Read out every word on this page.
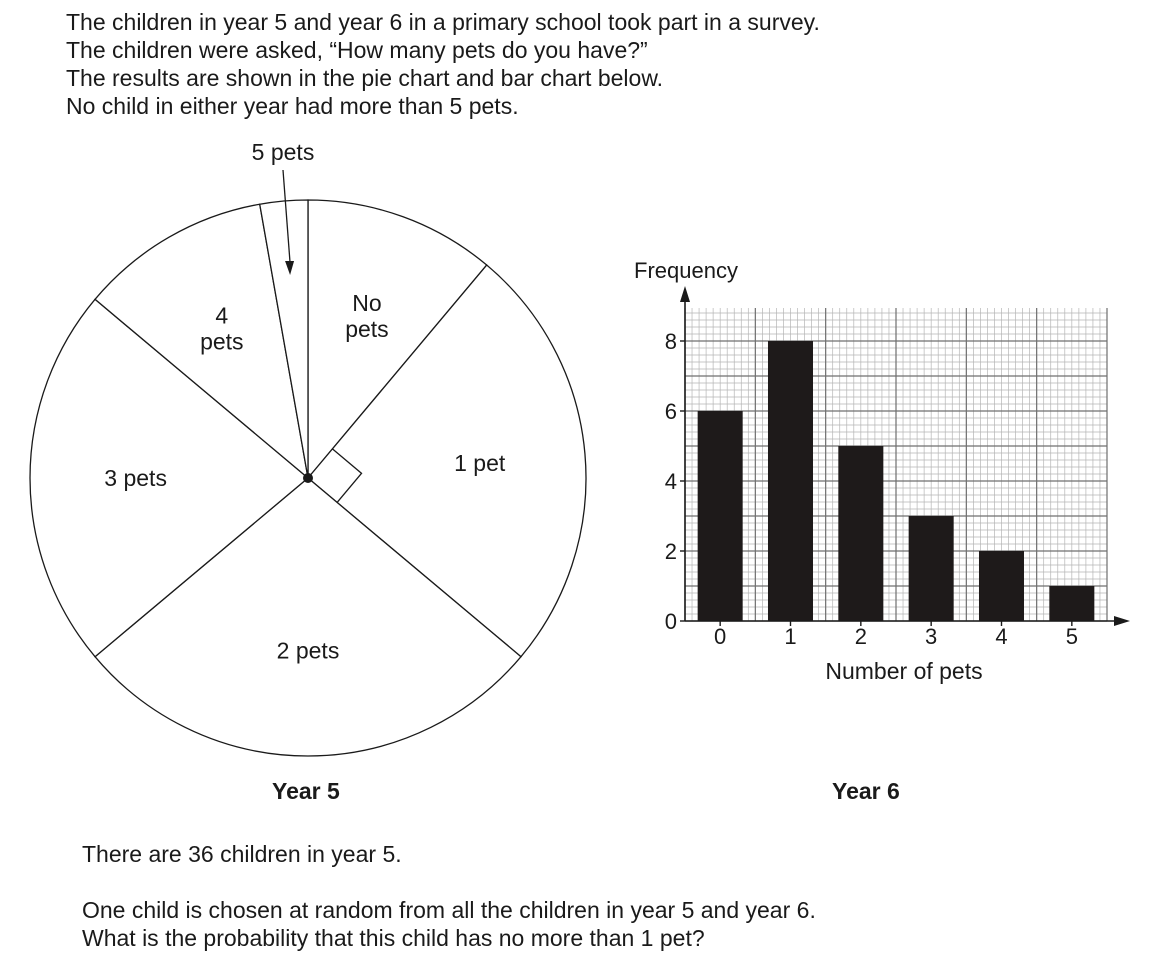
The children in year 5 and year 6 in a primary school took part in a survey.
The children were asked, “How many pets do you have?”
The results are shown in the pie chart and bar chart below.
No child in either year had more than 5 pets.
No pets
1 pet
2 pets
3 pets
4 pets
5 pets
0
2
4
6
8
0	1	2	3	4	5
Frequency
Number of pets
Year 5	Year 6
There are 36 children in year 5.
One child is chosen at random from all the children in year 5 and year 6.
What is the probability that this child has no more than 1 pet?
